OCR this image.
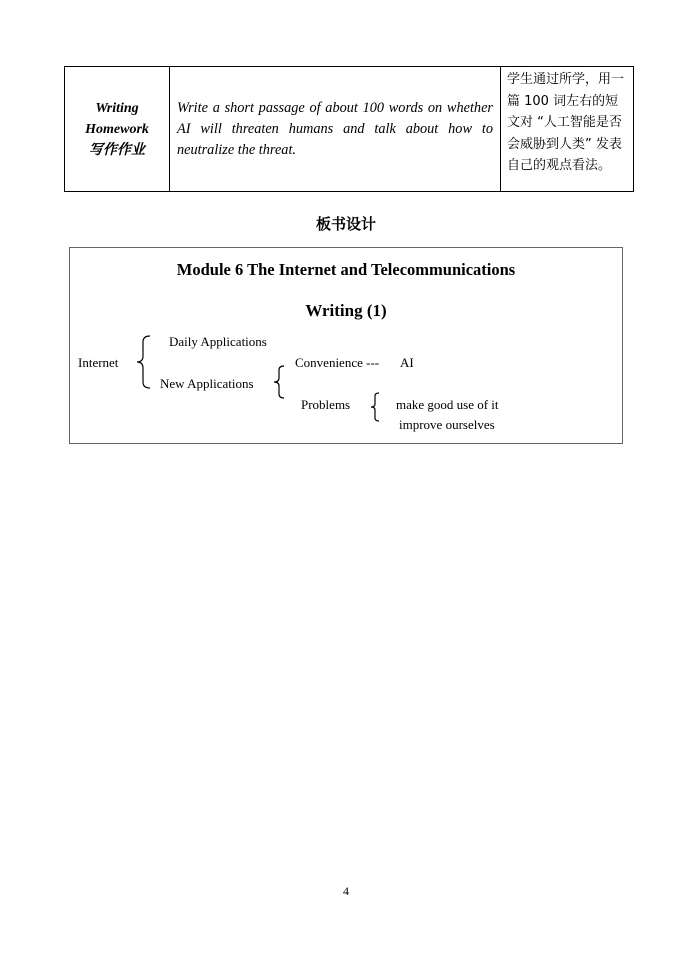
Writing
Homework
写作作业
Write a short passage of about 100 words on whether AI will threaten humans and talk about how to neutralize the threat.
学生通过所学，用一篇 100 词左右的短文对 “人工智能是否会威胁到人类” 发表自己的观点看法。
板书设计
Module 6 The Internet and Telecommunications
Writing (1)
Internet
Daily Applications
New Applications
Convenience --- AI
Problems	make good use of it
improve ourselves
4
